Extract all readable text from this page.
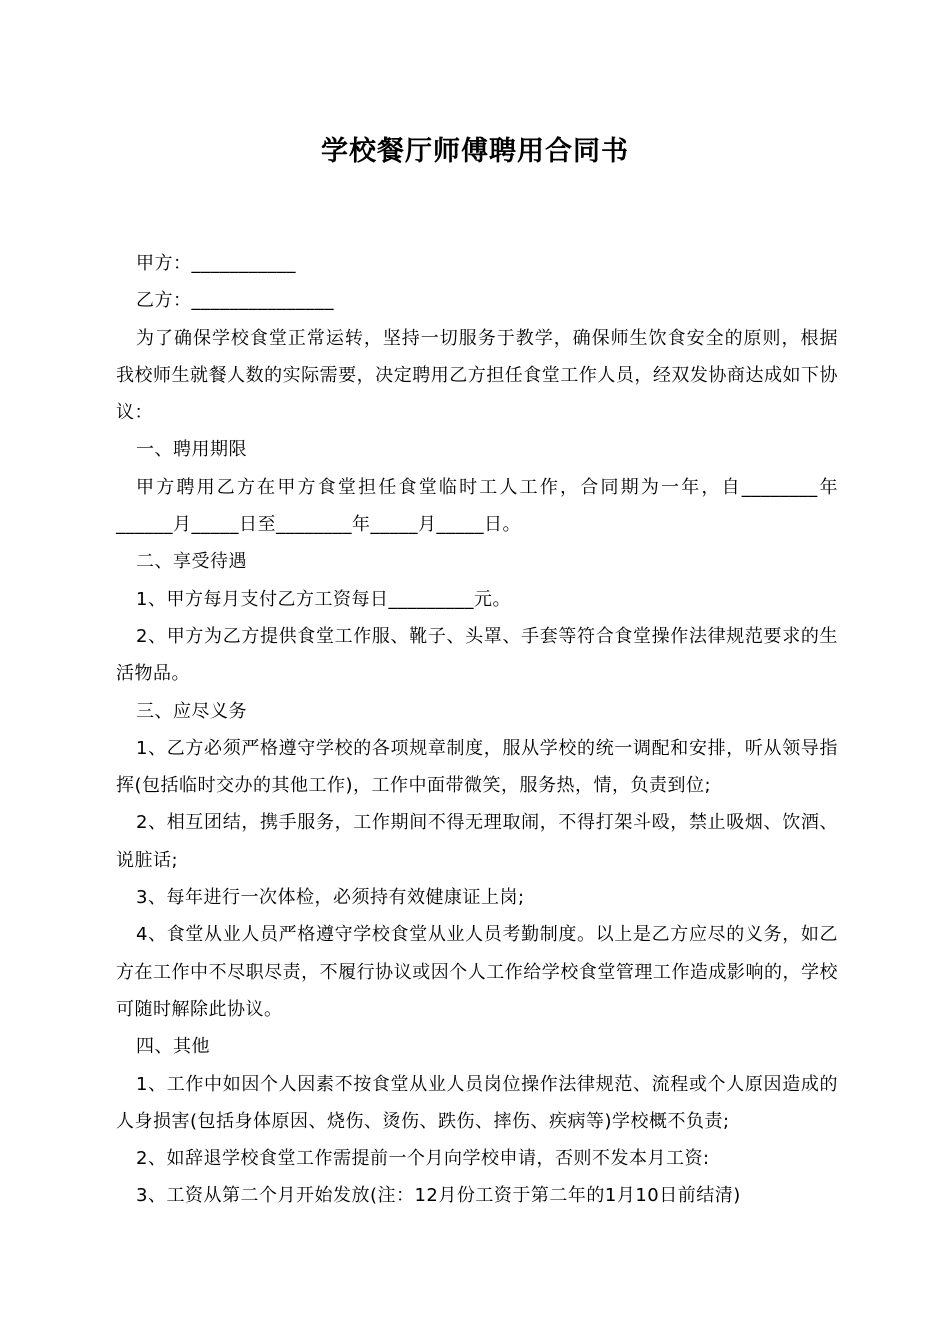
学校餐厅师傅聘用合同书

甲方：___________

乙方：_______________

为了确保学校食堂正常运转，坚持一切服务于教学，确保师生饮食安全的原则，根据我校师生就餐人数的实际需要，决定聘用乙方担任食堂工作人员，经双发协商达成如下协议：

一、聘用期限

甲方聘用乙方在甲方食堂担任食堂临时工人工作，合同期为一年，自________年______月_____日至________年_____月_____日。

二、享受待遇

1、甲方每月支付乙方工资每日_________元。

2、甲方为乙方提供食堂工作服、靴子、头罩、手套等符合食堂操作法律规范要求的生活物品。

三、应尽义务

1、乙方必须严格遵守学校的各项规章制度，服从学校的统一调配和安排，听从领导指挥(包括临时交办的其他工作)，工作中面带微笑，服务热，情，负责到位;

2、相互团结，携手服务，工作期间不得无理取闹，不得打架斗殴，禁止吸烟、饮酒、说脏话;

3、每年进行一次体检，必须持有效健康证上岗;

4、食堂从业人员严格遵守学校食堂从业人员考勤制度。以上是乙方应尽的义务，如乙方在工作中不尽职尽责，不履行协议或因个人工作给学校食堂管理工作造成影响的，学校可随时解除此协议。

四、其他

1、工作中如因个人因素不按食堂从业人员岗位操作法律规范、流程或个人原因造成的人身损害(包括身体原因、烧伤、烫伤、跌伤、摔伤、疾病等)学校概不负责;

2、如辞退学校食堂工作需提前一个月向学校申请，否则不发本月工资:

3、工资从第二个月开始发放(注：12月份工资于第二年的1月10日前结清)
